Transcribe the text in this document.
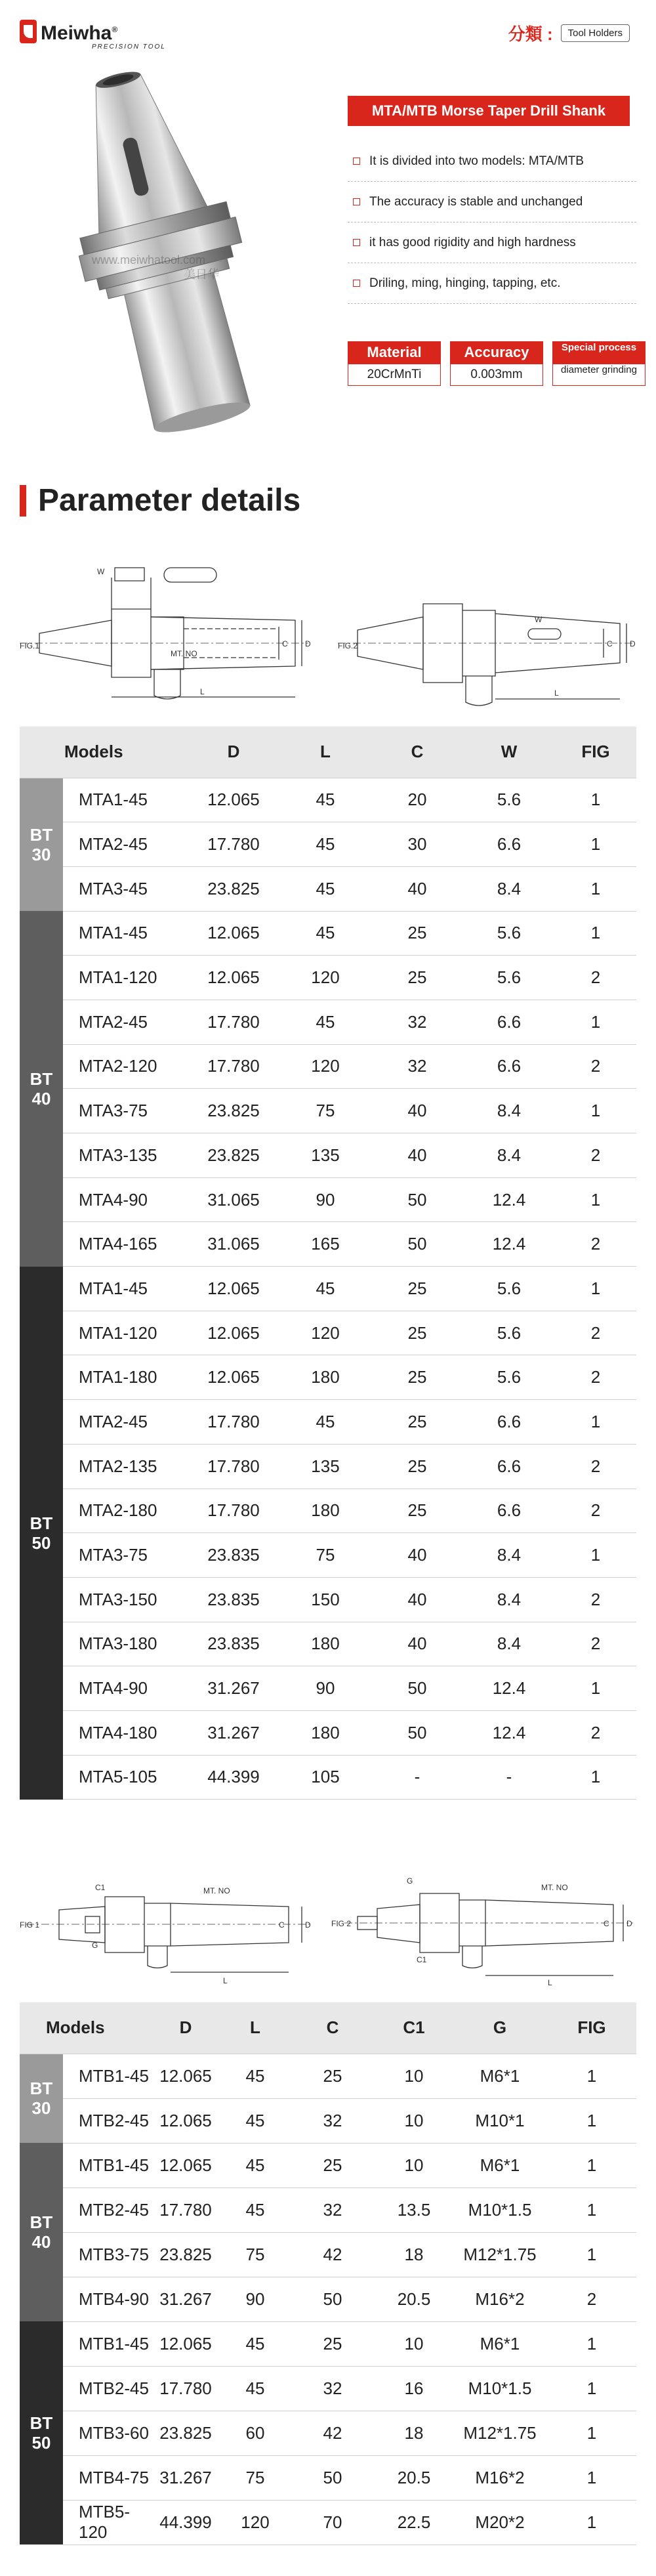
Meiwha®
PRECISION TOOL
分類 :	Tool Holders
www.meiwhatool.com
美日华
MTA/MTB Morse Taper Drill Shank
It is divided into two models: MTA/MTB
The accuracy is stable and unchanged
it has good rigidity and high hardness
Driling, ming, hinging, tapping, etc.
Material
20CrMnTi
Accuracy
0.003mm
Special process
diameter grinding
Parameter details
FIG.1
W
MT. NO
L
D
C	FIG.2
W
L
D
C
Models		D	L	C	W	FIG
BT 30	MTA1-45	12.065	45	20	5.6	1
	MTA2-45	17.780	45	30	6.6	1
	MTA3-45	23.825	45	40	8.4	1
BT 40	MTA1-45	12.065	45	25	5.6	1
	MTA1-120	12.065	120	25	5.6	2
	MTA2-45	17.780	45	32	6.6	1
	MTA2-120	17.780	120	32	6.6	2
	MTA3-75	23.825	75	40	8.4	1
	MTA3-135	23.825	135	40	8.4	2
	MTA4-90	31.065	90	50	12.4	1
	MTA4-165	31.065	165	50	12.4	2
BT 50	MTA1-45	12.065	45	25	5.6	1
	MTA1-120	12.065	120	25	5.6	2
	MTA1-180	12.065	180	25	5.6	2
	MTA2-45	17.780	45	25	6.6	1
	MTA2-135	17.780	135	25	6.6	2
	MTA2-180	17.780	180	25	6.6	2
	MTA3-75	23.835	75	40	8.4	1
	MTA3-150	23.835	150	40	8.4	2
	MTA3-180	23.835	180	40	8.4	2
	MTA4-90	31.267	90	50	12.4	1
	MTA4-180	31.267	180	50	12.4	2
	MTA5-105	44.399	105	-	-	1
FIG 1
C1
G
MT. NO
L
D
C	FIG 2
C1
G
MT. NO
L
D
C
Models		D	L	C	C1	G	FIG
BT 30	MTB1-45	12.065	45	25	10	M6*1	1
	MTB2-45	12.065	45	32	10	M10*1	1
BT 40	MTB1-45	12.065	45	25	10	M6*1	1
	MTB2-45	17.780	45	32	13.5	M10*1.5	1
	MTB3-75	23.825	75	42	18	M12*1.75	1
	MTB4-90	31.267	90	50	20.5	M16*2	2
BT 50	MTB1-45	12.065	45	25	10	M6*1	1
	MTB2-45	17.780	45	32	16	M10*1.5	1
	MTB3-60	23.825	60	42	18	M12*1.75	1
	MTB4-75	31.267	75	50	20.5	M16*2	1
	MTB5-120	44.399	120	70	22.5	M20*2	1
